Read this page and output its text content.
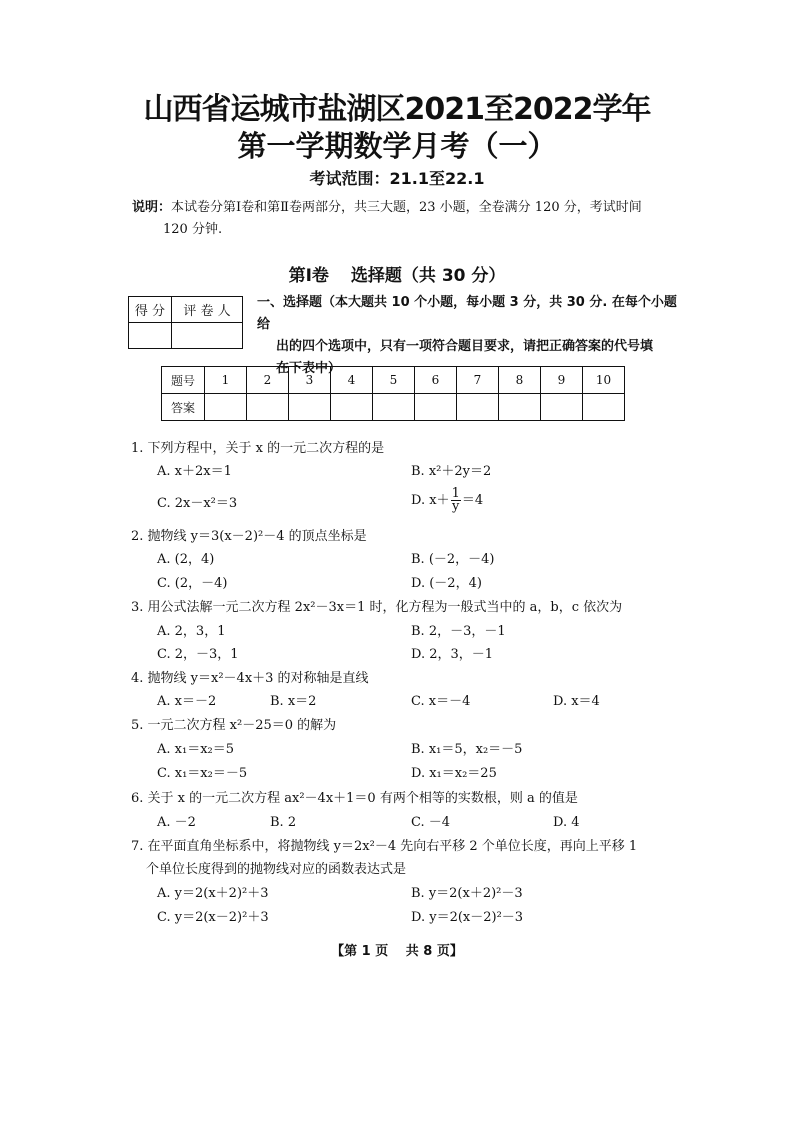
山西省运城市盐湖区2021至2022学年
第一学期数学月考（一）
考试范围：21.1至22.1
说明：本试卷分第Ⅰ卷和第Ⅱ卷两部分，共三大题，23 小题，全卷满分 120 分，考试时间
120 分钟.
第Ⅰ卷 选择题（共 30 分）
得 分	评 卷 人

一、选择题（本大题共 10 个小题，每小题 3 分，共 30 分. 在每个小题给
出的四个选项中，只有一项符合题目要求，请把正确答案的代号填
在下表中）
题号	1	2	3	4	5	6	7	8	9	10
答案										
1. 下列方程中，关于 x 的一元二次方程的是
A. x＋2x＝1	B. x²＋2y＝2
C. 2x－x²＝3	D. $x+ \frac{1}{y} =4$
2. 抛物线 y＝3(x－2)²－4 的顶点坐标是
A. (2，4)	B. (－2，－4)
C. (2，－4)	D. (－2，4)
3. 用公式法解一元二次方程 2x²－3x＝1 时，化方程为一般式当中的 a，b，c 依次为
A. 2，3，1	B. 2，－3，－1
C. 2，－3，1	D. 2，3，－1
4. 抛物线 y＝x²－4x＋3 的对称轴是直线
A. x＝－2	B. x＝2	C. x＝－4	D. x＝4
5. 一元二次方程 x²－25＝0 的解为
A. x₁＝x₂＝5	B. x₁＝5，x₂＝－5
C. x₁＝x₂＝－5	D. x₁＝x₂＝25
6. 关于 x 的一元二次方程 ax²－4x＋1＝0 有两个相等的实数根，则 a 的值是
A. －2	B. 2	C. －4	D. 4
7. 在平面直角坐标系中，将抛物线 y＝2x²－4 先向右平移 2 个单位长度，再向上平移 1
个单位长度得到的抛物线对应的函数表达式是
A. y＝2(x＋2)²＋3	B. y＝2(x＋2)²－3
C. y＝2(x－2)²＋3	D. y＝2(x－2)²－3
【第 1 页　 共 8 页】
